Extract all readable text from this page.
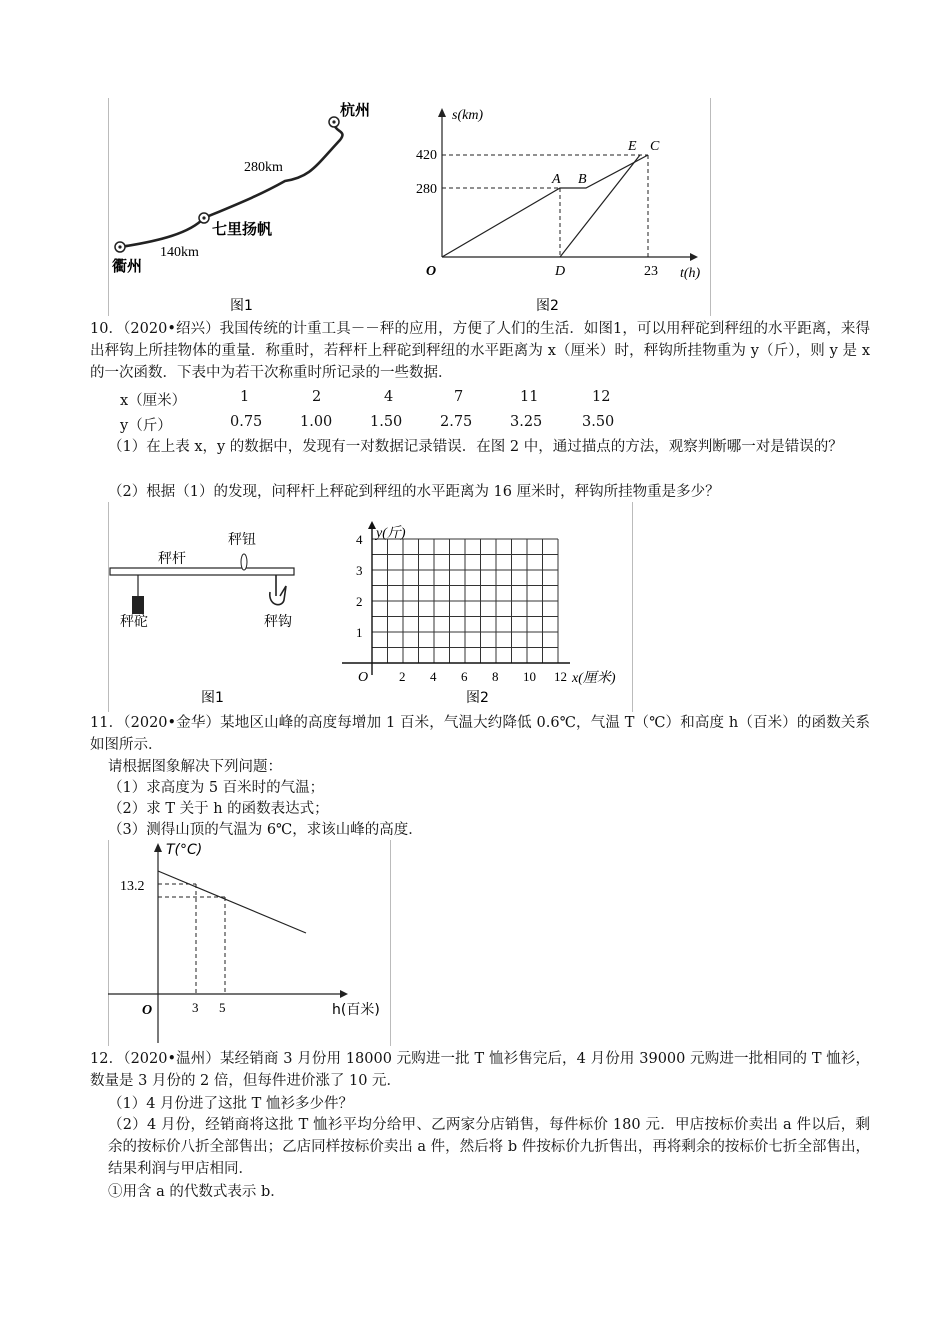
杭州
七里扬帆
衢州
280km
140km
s(km)
t(h)
420
280
23
O
A B
E C
D
图1	图2
10．（2020•绍兴）我国传统的计重工具－－秤的应用，方便了人们的生活．如图1，可以用秤砣到秤纽的水平距离，来得出秤钩上所挂物体的重量．称重时，若秤杆上秤砣到秤纽的水平距离为 x（厘米）时，秤钩所挂物重为 y（斤），则 y 是 x 的一次函数．下表中为若干次称重时所记录的一些数据．
x（厘米）	1	2	4	7	11	12
y（斤）	0.75	1.00	1.50	2.75	3.25	3.50
（1）在上表 x，y 的数据中，发现有一对数据记录错误．在图 2 中，通过描点的方法，观察判断哪一对是错误的？
（2）根据（1）的发现，问秤杆上秤砣到秤纽的水平距离为 16 厘米时，秤钩所挂物重是多少？
秤杆
秤钮
秤砣	秤钩
图1
2 4 6 8 10 12
1
2
3
4
O	x(厘米)
y(斤)
图2
11．（2020•金华）某地区山峰的高度每增加 1 百米，气温大约降低 0.6℃，气温 T（℃）和高度 h（百米）的函数关系如图所示．
请根据图象解决下列问题：
（1）求高度为 5 百米时的气温；
（2）求 T 关于 h 的函数表达式；
（3）测得山顶的气温为 6℃，求该山峰的高度．
T(°C)
h(百米)
13.2
3 5
O
12．（2020•温州）某经销商 3 月份用 18000 元购进一批 T 恤衫售完后，4 月份用 39000 元购进一批相同的 T 恤衫，数量是 3 月份的 2 倍，但每件进价涨了 10 元．
（1）4 月份进了这批 T 恤衫多少件？
（2）4 月份，经销商将这批 T 恤衫平均分给甲、乙两家分店销售，每件标价 180 元．甲店按标价卖出 a 件以后，剩余的按标价八折全部售出；乙店同样按标价卖出 a 件，然后将 b 件按标价九折售出，再将剩余的按标价七折全部售出，结果利润与甲店相同．
①用含 a 的代数式表示 b．
